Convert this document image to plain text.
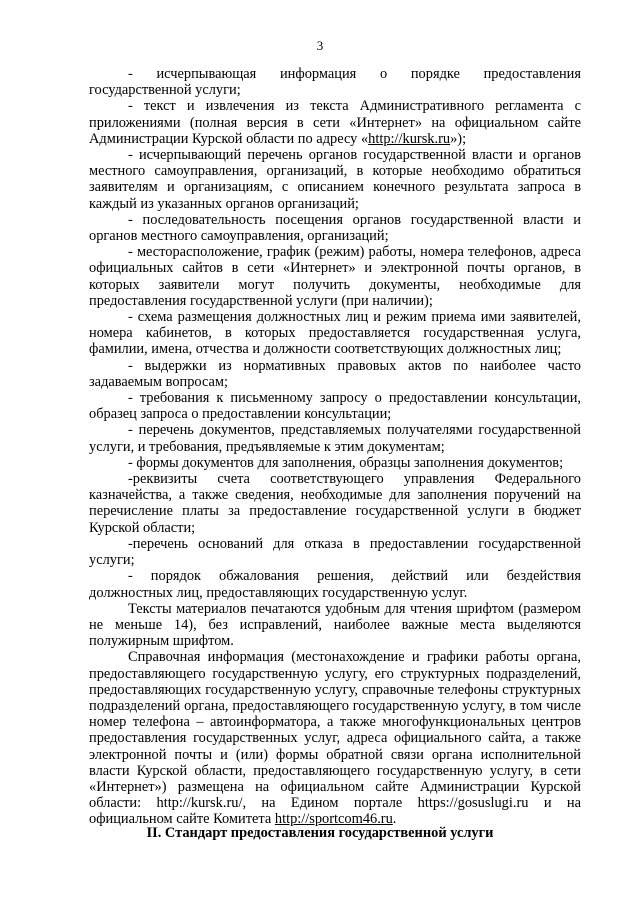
3

- исчерпывающая информация о порядке предоставления государственной услуги;

- текст и извлечения из текста Административного регламента с приложениями (полная версия в сети «Интернет» на официальном сайте Администрации Курской области по адресу «http://kursk.ru»);

- исчерпывающий перечень органов государственной власти и органов местного самоуправления, организаций, в которые необходимо обратиться заявителям и организациям, с описанием конечного результата запроса в каждый из указанных органов организаций;

- последовательность посещения органов государственной власти и органов местного самоуправления, организаций;

- месторасположение, график (режим) работы, номера телефонов, адреса официальных сайтов в сети «Интернет» и электронной почты органов, в которых заявители могут получить документы, необходимые для предоставления государственной услуги (при наличии);

- схема размещения должностных лиц и режим приема ими заявителей, номера кабинетов, в которых предоставляется государственная услуга, фамилии, имена, отчества и должности соответствующих должностных лиц;

- выдержки из нормативных правовых актов по наиболее часто задаваемым вопросам;

- требования к письменному запросу о предоставлении консультации, образец запроса о предоставлении консультации;

- перечень документов, представляемых получателями государственной услуги, и требования, предъявляемые к этим документам;

- формы документов для заполнения, образцы заполнения документов;

-реквизиты счета соответствующего управления Федерального казначейства, а также сведения, необходимые для заполнения поручений на перечисление платы за предоставление государственной услуги в бюджет Курской области;

-перечень оснований для отказа в предоставлении государственной услуги;

- порядок обжалования решения, действий или бездействия должностных лиц, предоставляющих государственную услуг.

Тексты материалов печатаются удобным для чтения шрифтом (размером не меньше 14), без исправлений, наиболее важные места выделяются полужирным шрифтом.

Справочная информация (местонахождение и графики работы органа, предоставляющего государственную услугу, его структурных подразделений, предоставляющих государственную услугу, справочные телефоны структурных подразделений органа, предоставляющего государственную услугу, в том числе номер телефона – автоинформатора, а также многофункциональных центров предоставления государственных услуг, адреса официального сайта, а также электронной почты и (или) формы обратной связи органа исполнительной власти Курской области, предоставляющего государственную услугу, в сети «Интернет») размещена на официальном сайте Администрации Курской области: http://kursk.ru/, на Едином портале https://gosuslugi.ru и на официальном сайте Комитета http://sportcom46.ru.

II. Стандарт предоставления государственной услуги
